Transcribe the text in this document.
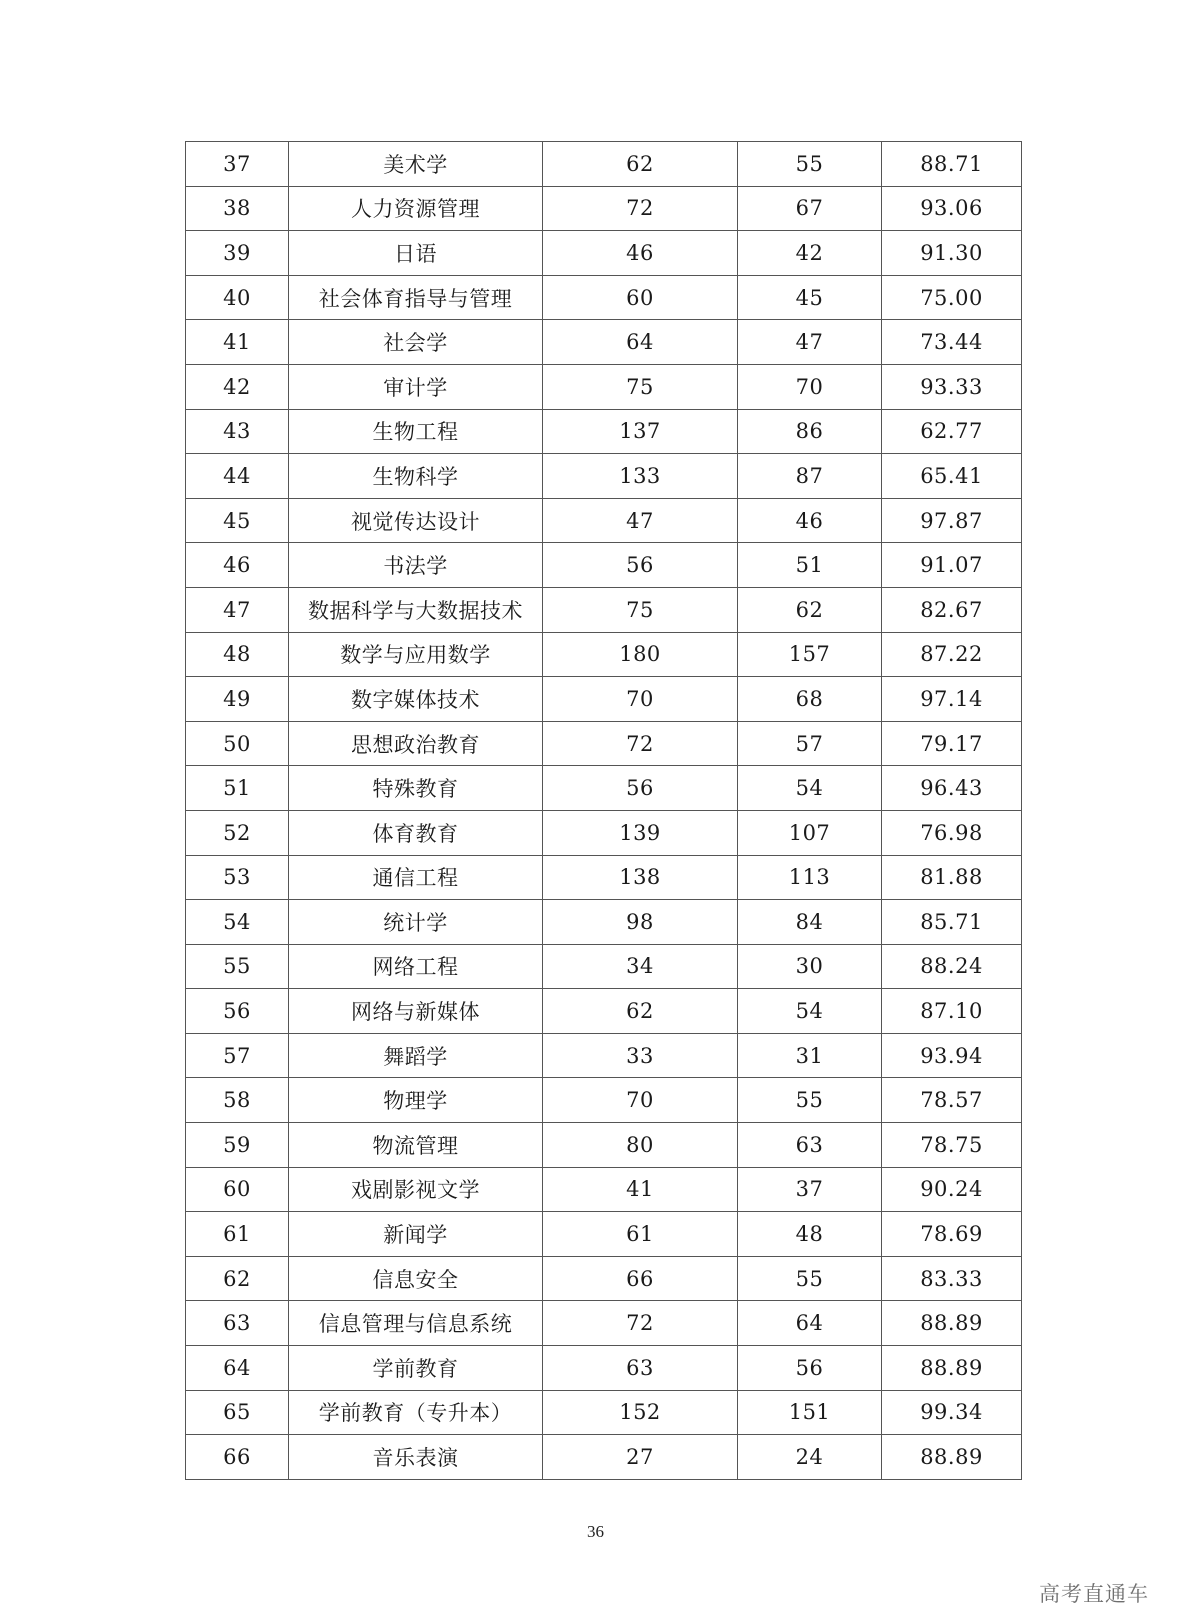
37	美术学	62	55	88.71
38	人力资源管理	72	67	93.06
39	日语	46	42	91.30
40	社会体育指导与管理	60	45	75.00
41	社会学	64	47	73.44
42	审计学	75	70	93.33
43	生物工程	137	86	62.77
44	生物科学	133	87	65.41
45	视觉传达设计	47	46	97.87
46	书法学	56	51	91.07
47	数据科学与大数据技术	75	62	82.67
48	数学与应用数学	180	157	87.22
49	数字媒体技术	70	68	97.14
50	思想政治教育	72	57	79.17
51	特殊教育	56	54	96.43
52	体育教育	139	107	76.98
53	通信工程	138	113	81.88
54	统计学	98	84	85.71
55	网络工程	34	30	88.24
56	网络与新媒体	62	54	87.10
57	舞蹈学	33	31	93.94
58	物理学	70	55	78.57
59	物流管理	80	63	78.75
60	戏剧影视文学	41	37	90.24
61	新闻学	61	48	78.69
62	信息安全	66	55	83.33
63	信息管理与信息系统	72	64	88.89
64	学前教育	63	56	88.89
65	学前教育（专升本）	152	151	99.34
66	音乐表演	27	24	88.89
36
高考直通车
